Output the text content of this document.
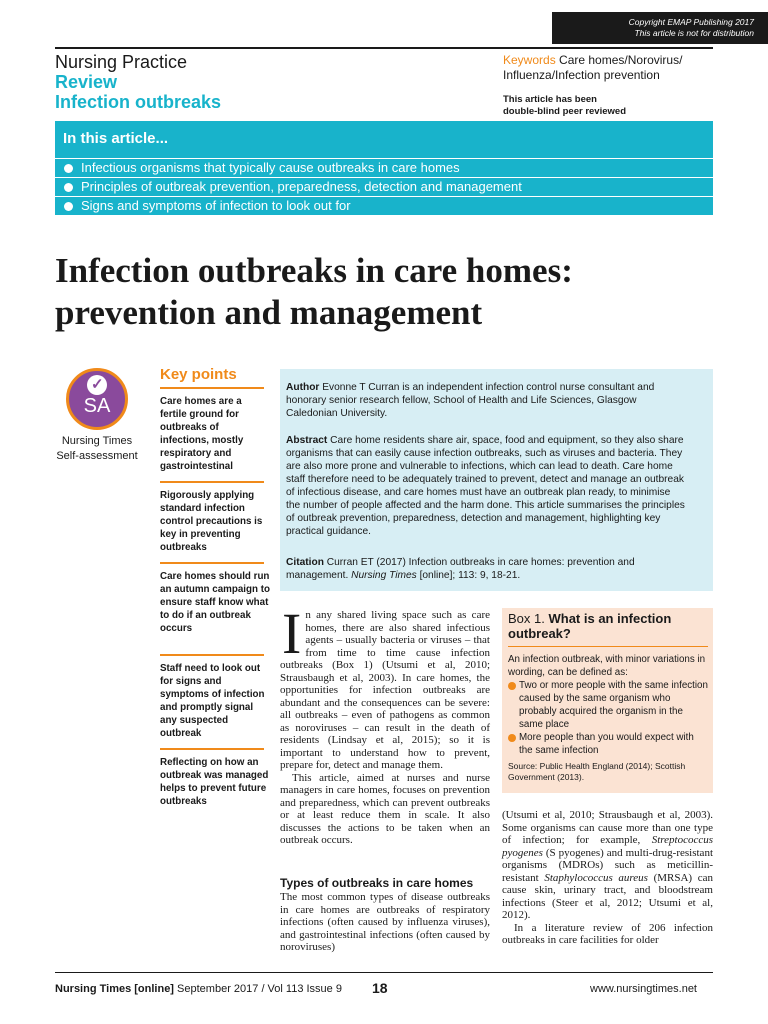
Copyright EMAP Publishing 2017
This article is not for distribution
Nursing Practice
Review
Infection outbreaks
Keywords Care homes/Norovirus/ Influenza/Infection prevention
This article has been
double-blind peer reviewed
In this article...
Infectious organisms that typically cause outbreaks in care homes
Principles of outbreak prevention, preparedness, detection and management
Signs and symptoms of infection to look out for
Infection outbreaks in care homes:
prevention and management
✓
SA
Nursing Times Self-assessment
Key points
Care homes are a fertile ground for outbreaks of infections, mostly respiratory and gastrointestinal
Rigorously applying standard infection control precautions is key in preventing outbreaks
Care homes should run an autumn campaign to ensure staff know what to do if an outbreak occurs
Staff need to look out for signs and symptoms of infection and promptly signal any suspected outbreak
Reflecting on how an outbreak was managed helps to prevent future outbreaks

Author Evonne T Curran is an independent infection control nurse consultant and honorary senior research fellow, School of Health and Life Sciences, Glasgow Caledonian University.

Abstract Care home residents share air, space, food and equipment, so they also share organisms that can easily cause infection outbreaks, such as viruses and bacteria. They are also more prone and vulnerable to infections, which can lead to death. Care home staff therefore need to be adequately trained to prevent, detect and manage an outbreak of infectious disease, and care homes must have an outbreak plan ready, to minimise the number of people affected and the harm done. This article summarises the principles of outbreak prevention, preparedness, detection and management, highlighting key practical guidance.

Citation Curran ET (2017) Infection outbreaks in care homes: prevention and management. Nursing Times [online]; 113: 9, 18-21.

I n any shared living space such as care homes, there are also shared infectious agents – usually bacteria or viruses – that from time to time cause infection outbreaks (Box 1) (Utsumi et al, 2010; Strausbaugh et al, 2003). In care homes, the opportunities for infection outbreaks are abundant and the consequences can be severe: all outbreaks – even of pathogens as common as noroviruses – can result in the death of residents (Lindsay et al, 2015); so it is important to understand how to prevent, prepare for, detect and manage them.
This article, aimed at nurses and nurse managers in care homes, focuses on prevention and preparedness, which can prevent outbreaks or at least reduce them in scale. It also discusses the actions to be taken when an outbreak occurs.
Types of outbreaks in care homes
The most common types of disease outbreaks in care homes are outbreaks of respiratory infections (often caused by influenza viruses), and gastrointestinal infections (often caused by noroviruses)
Box 1. What is an infection outbreak?
An infection outbreak, with minor variations in wording, can be defined as:
Two or more people with the same infection caused by the same organism who probably acquired the organism in the same place
More people than you would expect with the same infection
Source: Public Health England (2014); Scottish Government (2013).
(Utsumi et al, 2010; Strausbaugh et al, 2003). Some organisms can cause more than one type of infection; for example, Streptococcus pyogenes (S pyogenes) and multi-drug-resistant organisms (MDROs) such as meticillin-resistant Staphylococcus aureus (MRSA) can cause skin, urinary tract, and bloodstream infections (Steer et al, 2012; Utsumi et al, 2012).
In a literature review of 206 infection outbreaks in care facilities for older
Nursing Times [online] September 2017 / Vol 113 Issue 9 18	www.nursingtimes.net
